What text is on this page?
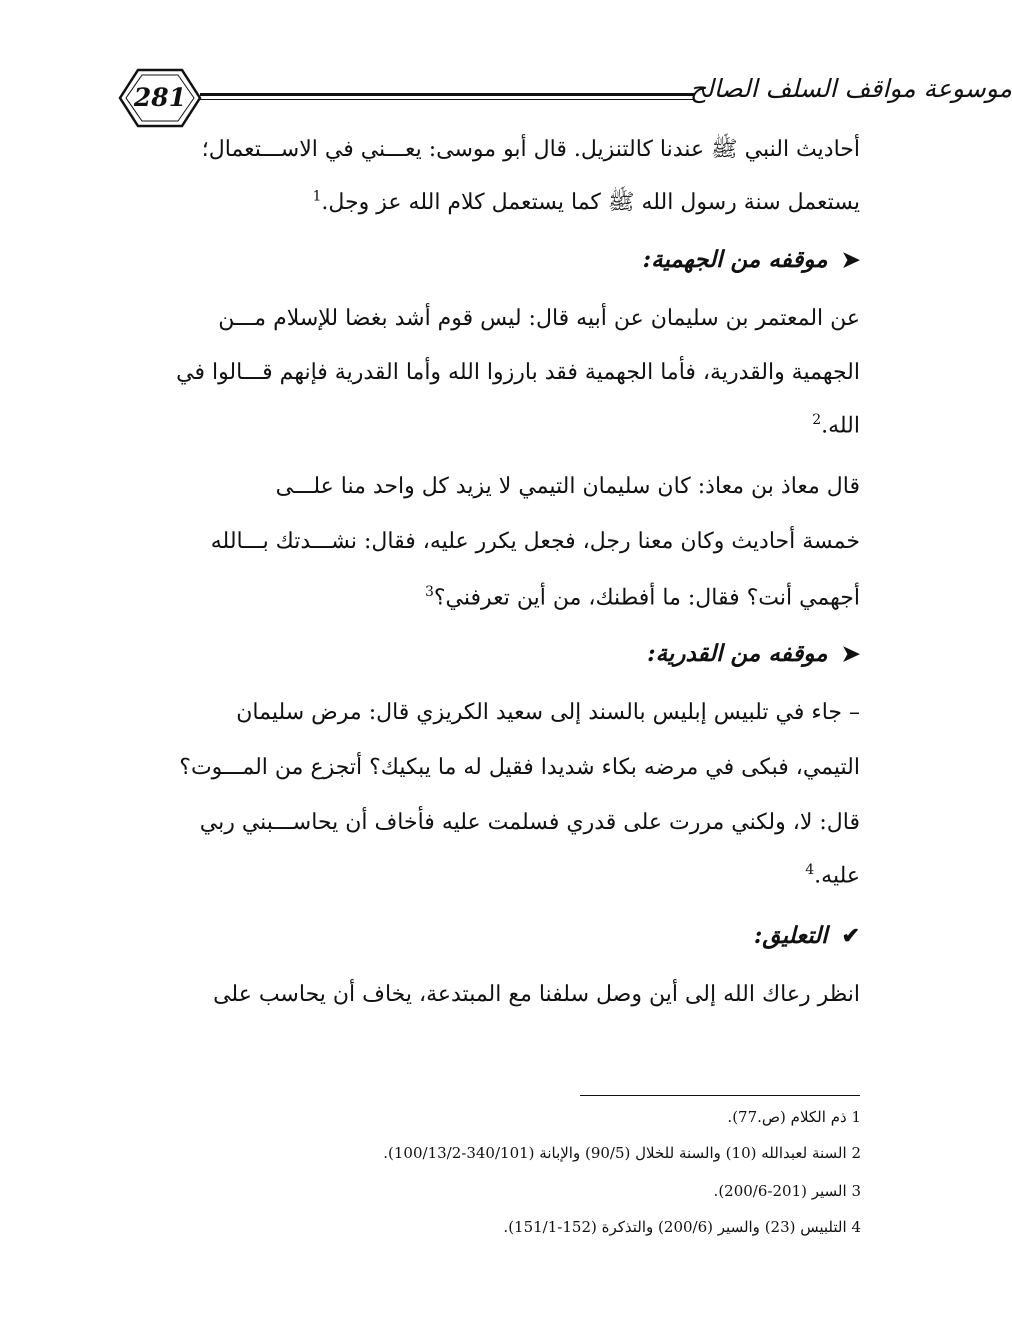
281	موسوعة مواقف السلف الصالح
أحاديث النبي ﷺ عندنا كالتنزيل. قال أبو موسى: يعـــني في الاســـتعمال؛
يستعمل سنة رسول الله ﷺ كما يستعمل كلام الله عز وجل.$^1$
➤موقفه من الجهمية:
عن المعتمر بن سليمان عن أبيه قال: ليس قوم أشد بغضا للإسلام مـــن
الجهمية والقدرية، فأما الجهمية فقد بارزوا الله وأما القدرية فإنهم قـــالوا في
الله.$^2$
قال معاذ بن معاذ: كان سليمان التيمي لا يزيد كل واحد منا علـــى
خمسة أحاديث وكان معنا رجل، فجعل يكرر عليه، فقال: نشـــدتك بـــالله
أجهمي أنت؟ فقال: ما أفطنك، من أين تعرفني؟$^3$
➤موقفه من القدرية:
– جاء في تلبيس إبليس بالسند إلى سعيد الكريزي قال: مرض سليمان
التيمي، فبكى في مرضه بكاء شديدا فقيل له ما يبكيك؟ أتجزع من المـــوت؟
قال: لا، ولكني مررت على قدري فسلمت عليه فأخاف أن يحاســـبني ربي
عليه.$^4$
✔التعليق:
انظر رعاك الله إلى أين وصل سلفنا مع المبتدعة، يخاف أن يحاسب على
1 ذم الكلام (ص.77).
2 السنة لعبدالله (10) والسنة للخلال (90/5) والإبانة (340/101-100/13/2).
3 السير (201-200/6).
4 التلبيس (23) والسير (200/6) والتذكرة (152-151/1).
